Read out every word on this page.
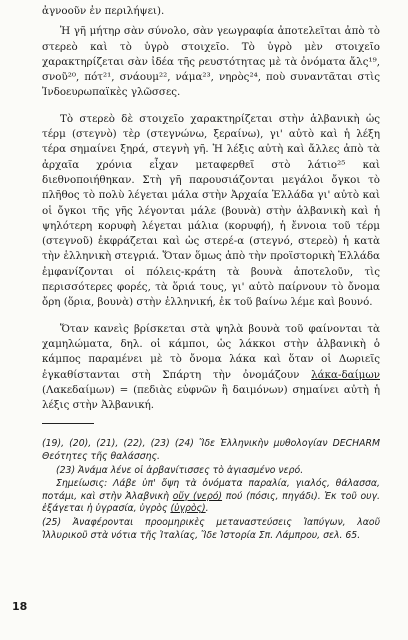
ἀγνοοῦν ἐν περιλήψει).

Ἡ γῆ μήτηρ σὰν σύνολο, σὰν γεωγραφία ἀποτελεῖται ἀπὸ τὸ στερεὸ καὶ τὸ ὑγρὸ στοιχεῖο. Τὸ ὑγρὸ μὲν στοιχεῖο χαρακτηρίζεται σὰν ἰδέα τῆς ρευστότητας μὲ τὰ ὀνόματα ἄλς¹⁹, σνοῦ²⁰, πότ²¹, σνάουμ²², νάμα²³, νηρὸς²⁴, ποὺ συναντᾶται στὶς Ἰνδοευρωπαϊκὲς γλῶσσες.

Τὸ στερεὸ δὲ στοιχεῖο χαρακτηρίζεται στὴν ἀλβανικὴ ὡς τέρμ (στεγνὸ) τὲρ (στεγνώνω, ξεραίνω), γι' αὐτὸ καὶ ἡ λέξη τέρα σημαίνει ξηρά, στεγνὴ γῆ. Ἡ λέξις αὐτὴ καὶ ἄλλες ἀπὸ τὰ ἀρχαῖα χρόνια εἶχαν μεταφερθεῖ στὸ λάτιο²⁵ καὶ διεθνοποιήθηκαν. Στὴ γῆ παρουσιάζονται μεγάλοι ὄγκοι τὸ πλῆθος τὸ πολὺ λέγεται μάλα στὴν Ἀρχαία Ἑλλάδα γι' αὐτὸ καὶ οἱ ὄγκοι τῆς γῆς λέγονται μάλε (βουνὰ) στὴν ἀλβανικὴ καὶ ἡ ψηλότερη κορυφὴ λέγεται μάλια (κορυφή), ἡ ἔννοια τοῦ τέρμ (στεγνοῦ) ἐκφράζεται καὶ ὡς στερέ-α (στεγνό, στερεὸ) ἡ κατὰ τὴν ἑλληνικὴ στεγριά. Ὅταν ὅμως ἀπὸ τὴν προϊστορικὴ Ἑλλάδα ἐμφανίζονται οἱ πόλεις-κράτη τὰ βουνὰ ἀποτελοῦν, τὶς περισσότερες φορές, τὰ ὅριά τους, γι' αὐτὸ παίρνουν τὸ ὄνομα ὄρη (ὅρια, βουνὰ) στὴν ἑλληνική, ἐκ τοῦ βαίνω λέμε καὶ βουνό.

Ὅταν κανεὶς βρίσκεται στὰ ψηλὰ βουνὰ τοῦ φαίνονται τὰ χαμηλώματα, δηλ. οἱ κάμποι, ὡς λάκκοι στὴν ἀλβανικὴ ὁ κάμπος παραμένει μὲ τὸ ὄνομα λάκα καὶ ὅταν οἱ Δωριεῖς ἐγκαθίστανται στὴ Σπάρτη τὴν ὀνομάζουν λάκα-δαίμων (Λακεδαίμων) = (πεδιὰς εὐφνῶν ἢ δαιμόνων) σημαίνει αὐτὴ ἡ λέξις στὴν Ἀλβανική.

(19), (20), (21), (22), (23) (24) Ἴδε Ἑλληνικὴν μυθολογίαν DECHARM Θεότητες τῆς θαλάσσης.

(23) Ἀνάμα λένε οἱ ἀρβανίτισσες τὸ ἁγιασμένο νερό.

Σημείωσις: Λάβε ὑπ' ὄψη τὰ ὀνόματα παραλία, γιαλός, θάλασσα, ποτάμι, καὶ στὴν Ἀλαβνικὴ οὔγ (νερό) πού (πόσις, πηγάδι). Ἐκ τοῦ ουγ. ἐξάγεται ἡ ὑγρασία, ὑγρὸς (ὑγρὸς).

(25) Ἀναφέρονται προομηρικὲς μεταναστεύσεις Ἰαπύγων, λαοῦ Ἰλλυρικοῦ στὰ νότια τῆς Ἰταλίας, Ἴδε Ἱστορία Σπ. Λάμπρου, σελ. 65.

18
